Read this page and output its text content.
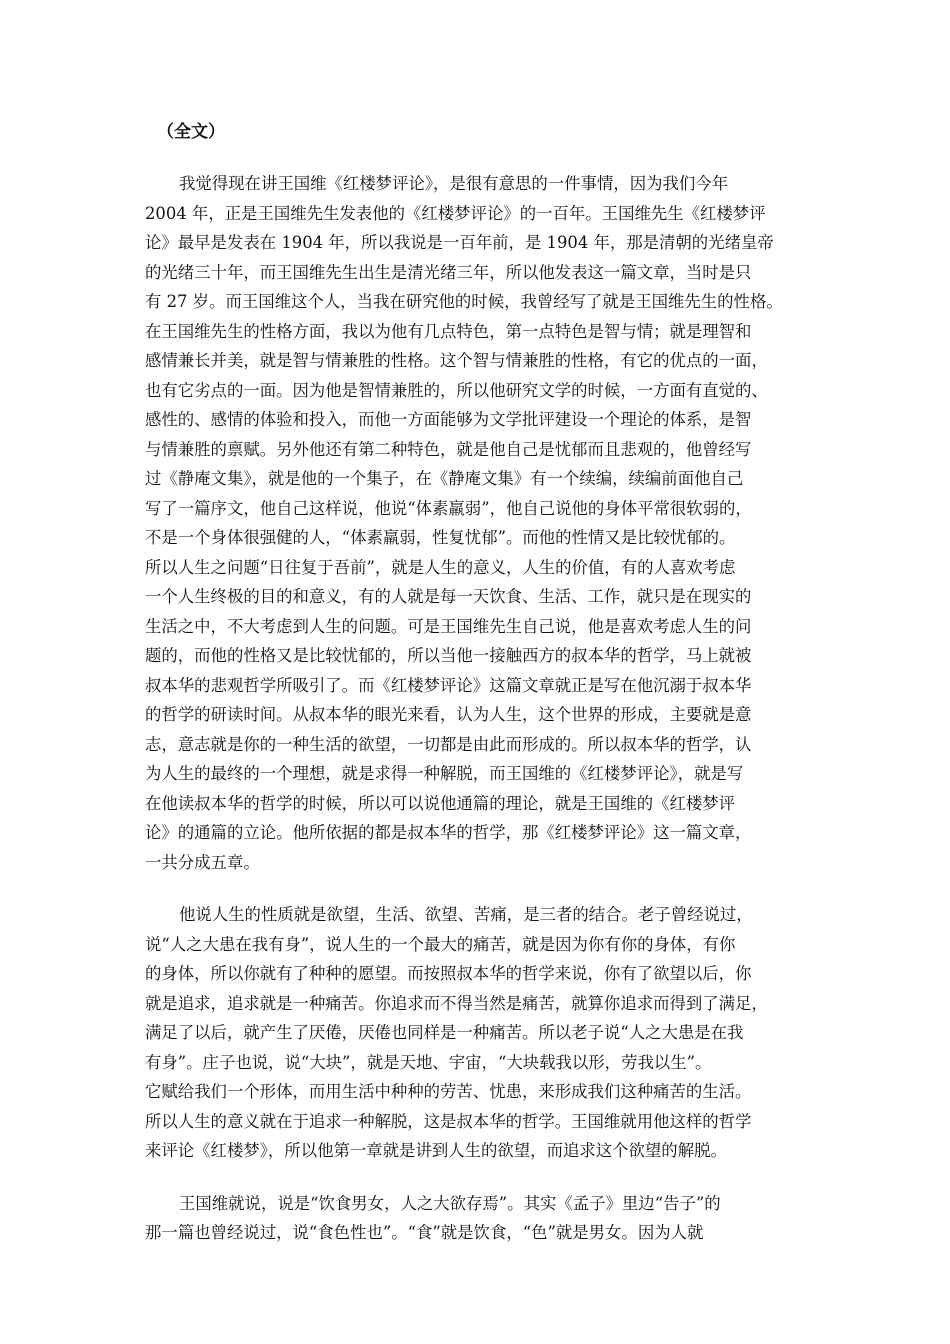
（全文）
我觉得现在讲王国维《红楼梦评论》，是很有意思的一件事情，因为我们今年
2004 年，正是王国维先生发表他的《红楼梦评论》的一百年。王国维先生《红楼梦评
论》最早是发表在 1904 年，所以我说是一百年前，是 1904 年，那是清朝的光绪皇帝
的光绪三十年，而王国维先生出生是清光绪三年，所以他发表这一篇文章，当时是只
有 27 岁。而王国维这个人，当我在研究他的时候，我曾经写了就是王国维先生的性格。
在王国维先生的性格方面，我以为他有几点特色，第一点特色是智与情；就是理智和
感情兼长并美，就是智与情兼胜的性格。这个智与情兼胜的性格，有它的优点的一面，
也有它劣点的一面。因为他是智情兼胜的，所以他研究文学的时候，一方面有直觉的、
感性的、感情的体验和投入，而他一方面能够为文学批评建设一个理论的体系，是智
与情兼胜的禀赋。另外他还有第二种特色，就是他自己是忧郁而且悲观的，他曾经写
过《静庵文集》，就是他的一个集子，在《静庵文集》有一个续编，续编前面他自己
写了一篇序文，他自己这样说，他说“体素羸弱”，他自己说他的身体平常很软弱的，
不是一个身体很强健的人，“体素羸弱，性复忧郁”。而他的性情又是比较忧郁的。
所以人生之问题“日往复于吾前”，就是人生的意义，人生的价值，有的人喜欢考虑
一个人生终极的目的和意义，有的人就是每一天饮食、生活、工作，就只是在现实的
生活之中，不大考虑到人生的问题。可是王国维先生自己说，他是喜欢考虑人生的问
题的，而他的性格又是比较忧郁的，所以当他一接触西方的叔本华的哲学，马上就被
叔本华的悲观哲学所吸引了。而《红楼梦评论》这篇文章就正是写在他沉溺于叔本华
的哲学的研读时间。从叔本华的眼光来看，认为人生，这个世界的形成，主要就是意
志，意志就是你的一种生活的欲望，一切都是由此而形成的。所以叔本华的哲学，认
为人生的最终的一个理想，就是求得一种解脱，而王国维的《红楼梦评论》，就是写
在他读叔本华的哲学的时候，所以可以说他通篇的理论，就是王国维的《红楼梦评
论》的通篇的立论。他所依据的都是叔本华的哲学，那《红楼梦评论》这一篇文章，
一共分成五章。
他说人生的性质就是欲望，生活、欲望、苦痛，是三者的结合。老子曾经说过，
说“人之大患在我有身”，说人生的一个最大的痛苦，就是因为你有你的身体，有你
的身体，所以你就有了种种的愿望。而按照叔本华的哲学来说，你有了欲望以后，你
就是追求，追求就是一种痛苦。你追求而不得当然是痛苦，就算你追求而得到了满足，
满足了以后，就产生了厌倦，厌倦也同样是一种痛苦。所以老子说“人之大患是在我
有身”。庄子也说，说“大块”，就是天地、宇宙，“大块载我以形，劳我以生”。
它赋给我们一个形体，而用生活中种种的劳苦、忧患，来形成我们这种痛苦的生活。
所以人生的意义就在于追求一种解脱，这是叔本华的哲学。王国维就用他这样的哲学
来评论《红楼梦》，所以他第一章就是讲到人生的欲望，而追求这个欲望的解脱。
王国维就说，说是“饮食男女，人之大欲存焉”。其实《孟子》里边“告子”的
那一篇也曾经说过，说“食色性也”。“食”就是饮食，“色”就是男女。因为人就
